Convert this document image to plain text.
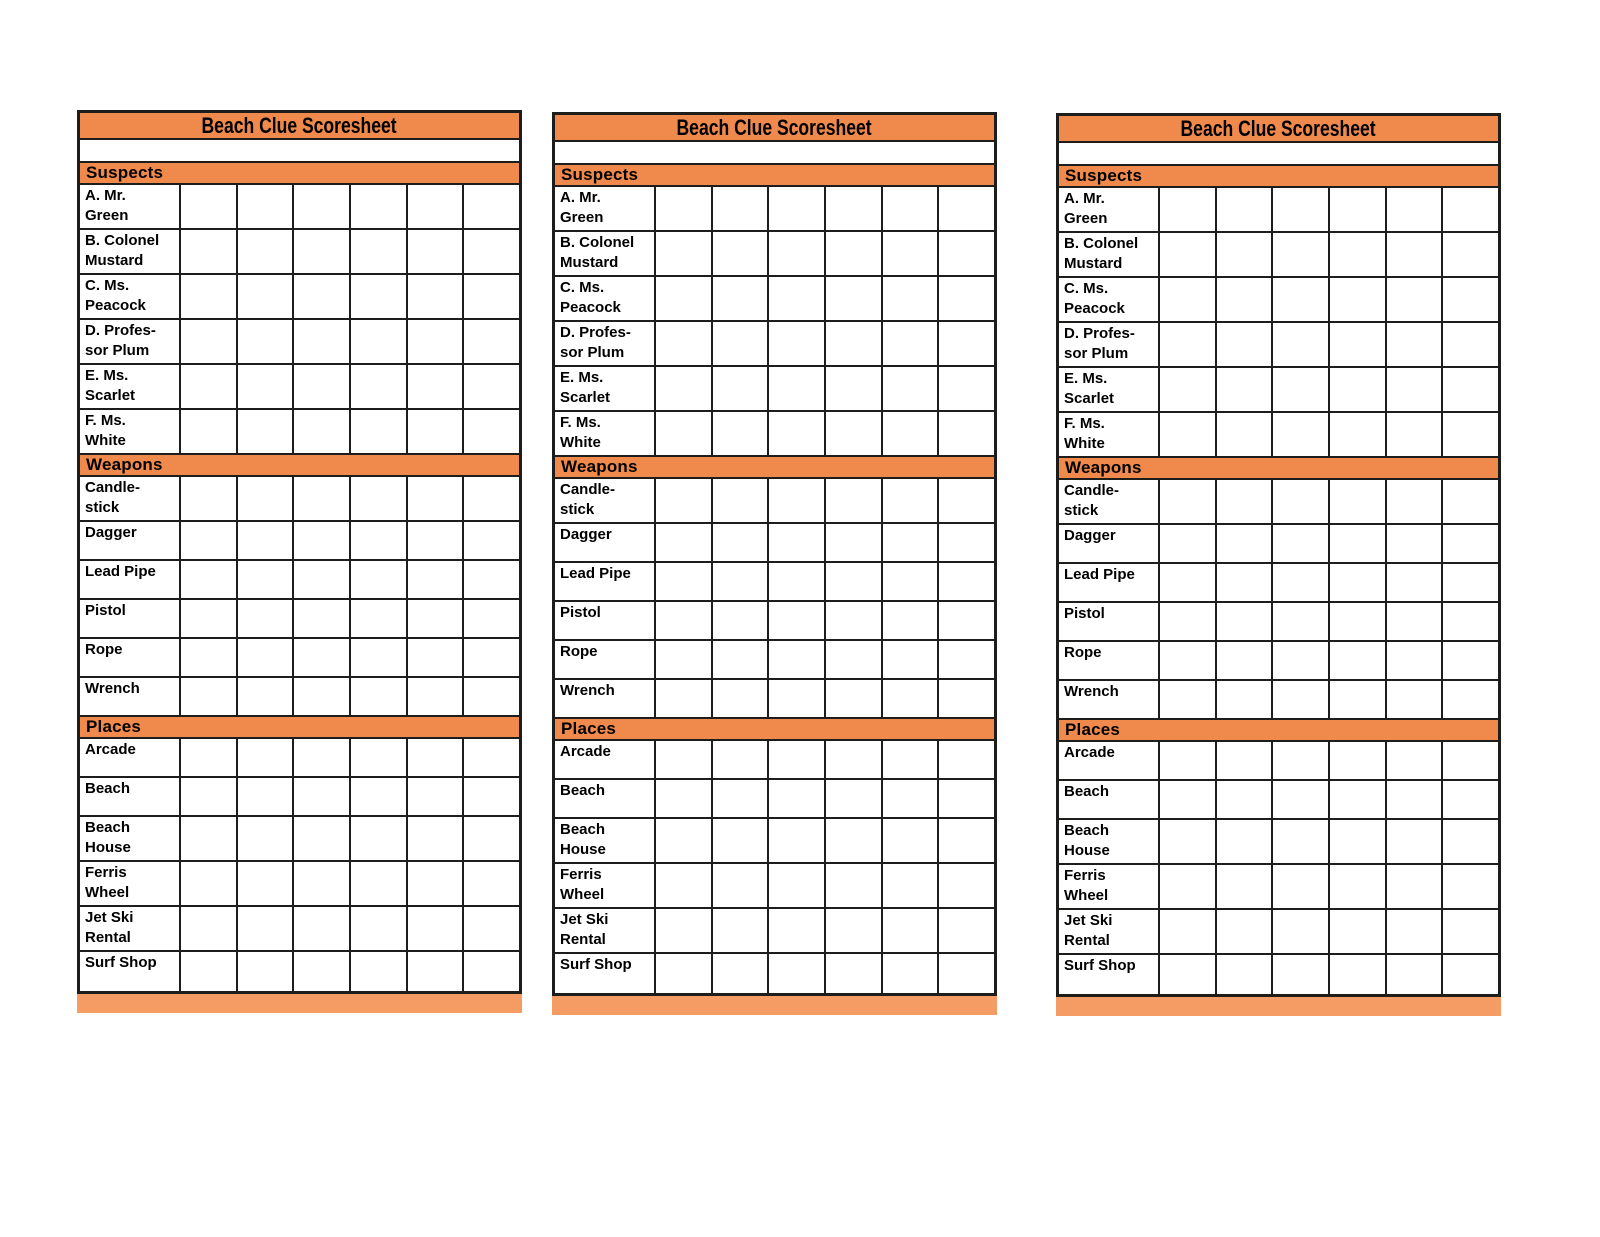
Beach Clue Scoresheet
Suspects
A. Mr.
Green
B. Colonel
Mustard
C. Ms.
Peacock
D. Profes-
sor Plum
E. Ms.
Scarlet
F. Ms.
White
Weapons
Candle-
stick
Dagger
Lead Pipe
Pistol
Rope
Wrench
Places
Arcade
Beach
Beach
House
Ferris
Wheel
Jet Ski
Rental
Surf Shop
Beach Clue Scoresheet
Suspects
A. Mr.
Green
B. Colonel
Mustard
C. Ms.
Peacock
D. Profes-
sor Plum
E. Ms.
Scarlet
F. Ms.
White
Weapons
Candle-
stick
Dagger
Lead Pipe
Pistol
Rope
Wrench
Places
Arcade
Beach
Beach
House
Ferris
Wheel
Jet Ski
Rental
Surf Shop
Beach Clue Scoresheet
Suspects
A. Mr.
Green
B. Colonel
Mustard
C. Ms.
Peacock
D. Profes-
sor Plum
E. Ms.
Scarlet
F. Ms.
White
Weapons
Candle-
stick
Dagger
Lead Pipe
Pistol
Rope
Wrench
Places
Arcade
Beach
Beach
House
Ferris
Wheel
Jet Ski
Rental
Surf Shop
